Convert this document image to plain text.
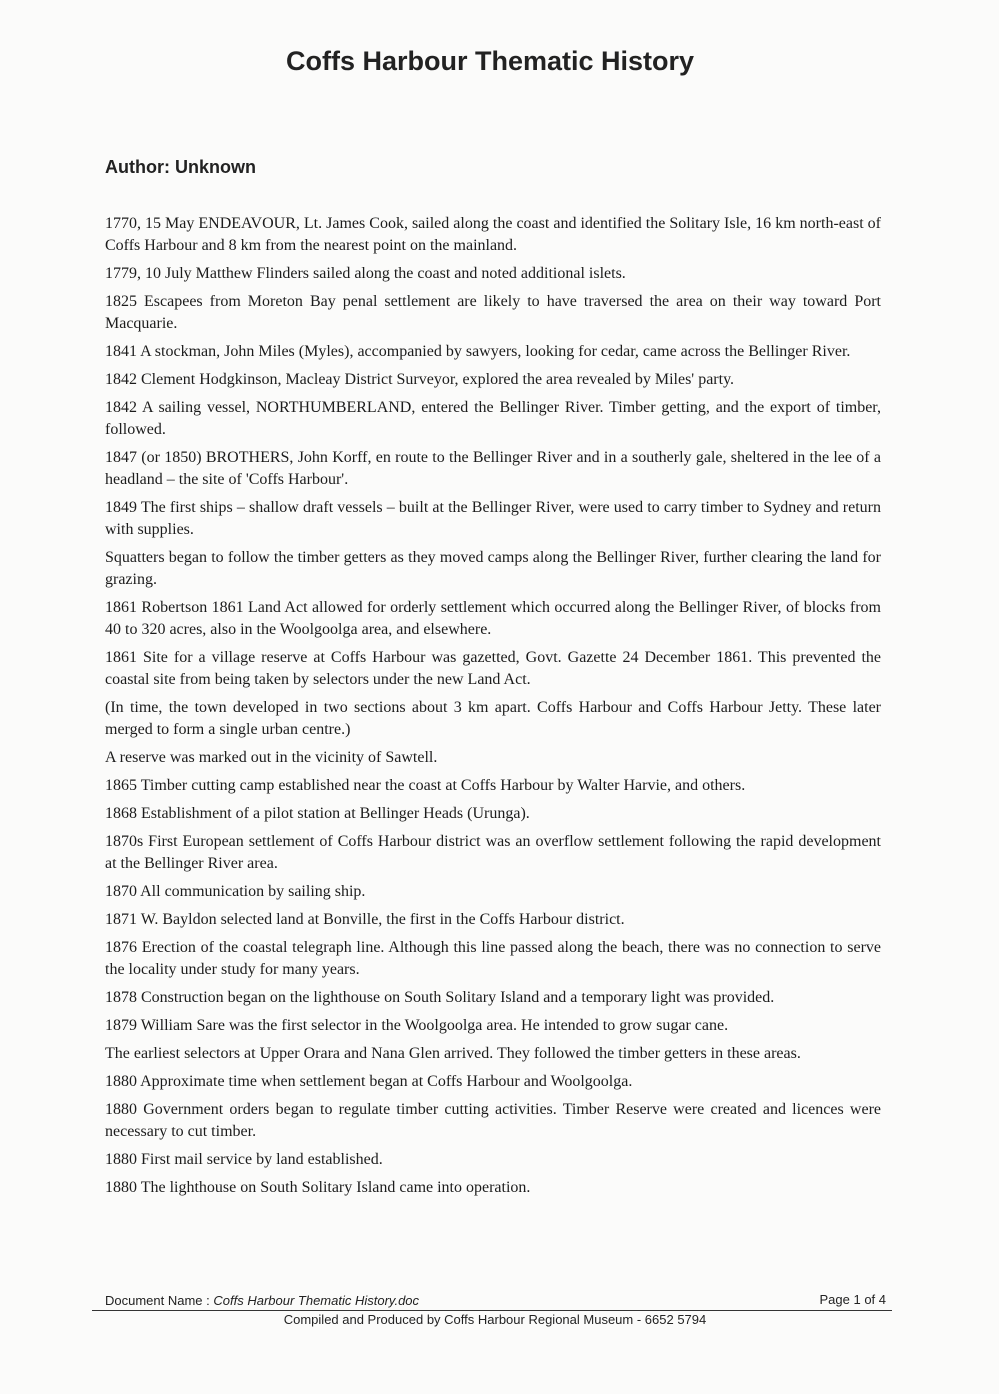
Coffs Harbour Thematic History
Author: Unknown

1770, 15 May ENDEAVOUR, Lt. James Cook, sailed along the coast and identified the Solitary Isle, 16 km north-east of Coffs Harbour and 8 km from the nearest point on the mainland.

1779, 10 July Matthew Flinders sailed along the coast and noted additional islets.

1825 Escapees from Moreton Bay penal settlement are likely to have traversed the area on their way toward Port Macquarie.

1841 A stockman, John Miles (Myles), accompanied by sawyers, looking for cedar, came across the Bellinger River.

1842 Clement Hodgkinson, Macleay District Surveyor, explored the area revealed by Miles' party.

1842 A sailing vessel, NORTHUMBERLAND, entered the Bellinger River. Timber getting, and the export of timber, followed.

1847 (or 1850) BROTHERS, John Korff, en route to the Bellinger River and in a southerly gale, sheltered in the lee of a headland – the site of 'Coffs Harbour'.

1849 The first ships – shallow draft vessels – built at the Bellinger River, were used to carry timber to Sydney and return with supplies.

Squatters began to follow the timber getters as they moved camps along the Bellinger River, further clearing the land for grazing.

1861 Robertson 1861 Land Act allowed for orderly settlement which occurred along the Bellinger River, of blocks from 40 to 320 acres, also in the Woolgoolga area, and elsewhere.

1861 Site for a village reserve at Coffs Harbour was gazetted, Govt. Gazette 24 December 1861. This prevented the coastal site from being taken by selectors under the new Land Act.

(In time, the town developed in two sections about 3 km apart. Coffs Harbour and Coffs Harbour Jetty. These later merged to form a single urban centre.)

A reserve was marked out in the vicinity of Sawtell.

1865 Timber cutting camp established near the coast at Coffs Harbour by Walter Harvie, and others.

1868 Establishment of a pilot station at Bellinger Heads (Urunga).

1870s First European settlement of Coffs Harbour district was an overflow settlement following the rapid development at the Bellinger River area.

1870 All communication by sailing ship.

1871 W. Bayldon selected land at Bonville, the first in the Coffs Harbour district.

1876 Erection of the coastal telegraph line. Although this line passed along the beach, there was no connection to serve the locality under study for many years.

1878 Construction began on the lighthouse on South Solitary Island and a temporary light was provided.

1879 William Sare was the first selector in the Woolgoolga area. He intended to grow sugar cane.

The earliest selectors at Upper Orara and Nana Glen arrived. They followed the timber getters in these areas.

1880 Approximate time when settlement began at Coffs Harbour and Woolgoolga.

1880 Government orders began to regulate timber cutting activities. Timber Reserve were created and licences were necessary to cut timber.

1880 First mail service by land established.

1880 The lighthouse on South Solitary Island came into operation.

Document Name : Coffs Harbour Thematic History.doc	Page 1 of 4
Compiled and Produced by Coffs Harbour Regional Museum - 6652 5794
